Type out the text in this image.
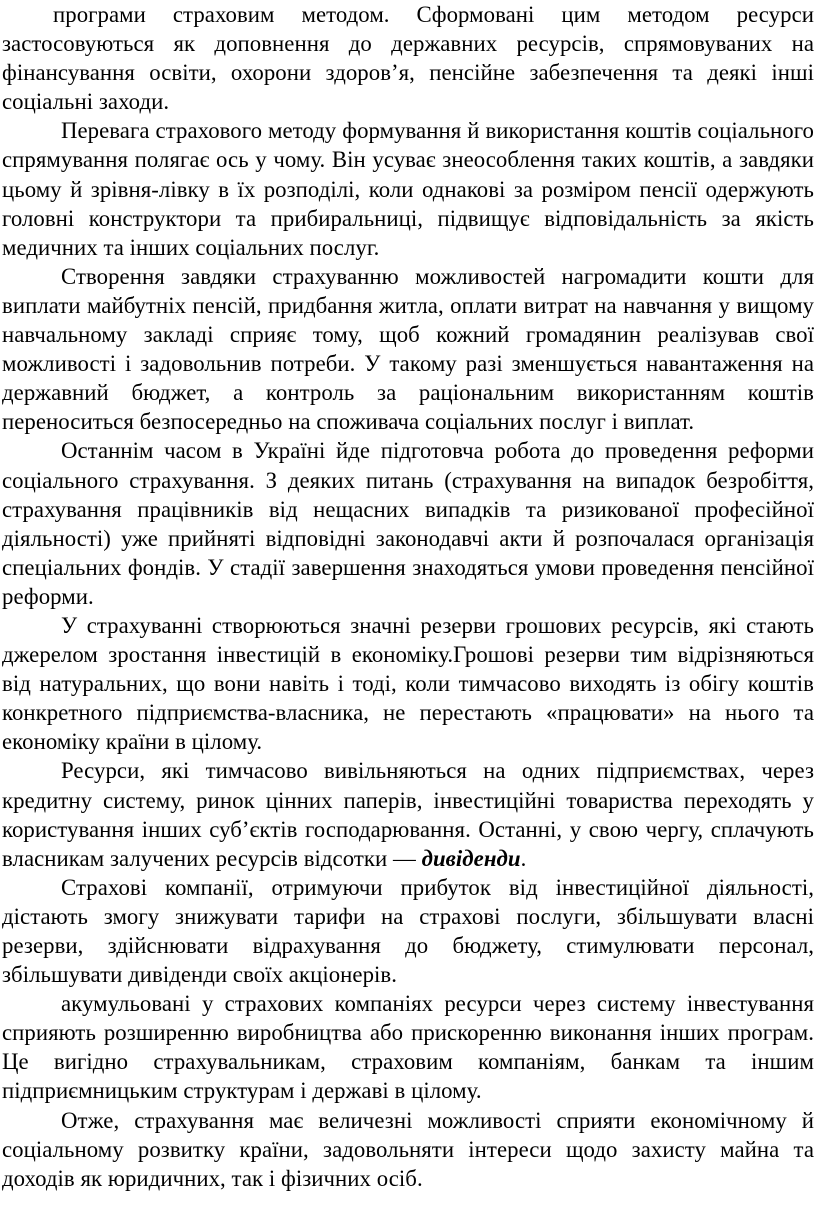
програми страховим методом. Сформовані цим методом ресурси застосовуються як доповнення до державних ресурсів, спрямовуваних на фінансування освіти, охорони здоров’я, пенсійне забезпечення та деякі інші соціальні заходи.

Перевага страхового методу формування й використання коштів соціального спрямування полягає ось у чому. Він усуває знеособлення таких коштів, а завдяки цьому й зрівня-лівку в їх розподілі, коли однакові за розміром пенсії одержують головні конструктори та прибиральниці, підвищує відповідальність за якість медичних та інших соціальних послуг.

Створення завдяки страхуванню можливостей нагромадити кошти для виплати майбутніх пенсій, придбання житла, оплати витрат на навчання у вищому навчальному закладі сприяє тому, щоб кожний громадянин реалізував свої можливості і задовольнив потреби. У такому разі зменшується навантаження на державний бюджет, а контроль за раціональним використанням коштів переноситься безпосередньо на споживача соціальних послуг і виплат.

Останнім часом в Україні йде підготовча робота до проведення реформи соціального страхування. З деяких питань (страхування на випадок безробіття, страхування працівників від нещасних випадків та ризикованої професійної діяльності) уже прийняті відповідні законодавчі акти й розпочалася організація спеціальних фондів. У стадії завершення знаходяться умови проведення пенсійної реформи.

У страхуванні створюються значні резерви грошових ресурсів, які стають джерелом зростання інвестицій в економіку.Грошові резерви тим відрізняються від натуральних, що вони навіть і тоді, коли тимчасово виходять із обігу коштів конкретного підприємства-власника, не перестають «працювати» на нього та економіку країни в цілому.

Ресурси, які тимчасово вивільняються на одних підприємствах, через кредитну систему, ринок цінних паперів, інвестиційні товариства переходять у користування інших суб’єктів господарювання. Останні, у свою чергу, сплачують власникам залучених ресурсів відсотки — дивіденди.

Страхові компанії, отримуючи прибуток від інвестиційної діяльності, дістають змогу знижувати тарифи на страхові послуги, збільшувати власні резерви, здійснювати відрахування до бюджету, стимулювати персонал, збільшувати дивіденди своїх акціонерів.

акумульовані у страхових компаніях ресурси через систему інвестування сприяють розширенню виробництва або прискоренню виконання інших програм. Це вигідно страхувальникам, страховим компаніям, банкам та іншим підприємницьким структурам і державі в цілому.

Отже, страхування має величезні можливості сприяти економічному й соціальному розвитку країни, задовольняти інтереси щодо захисту майна та доходів як юридичних, так і фізичних осіб.
